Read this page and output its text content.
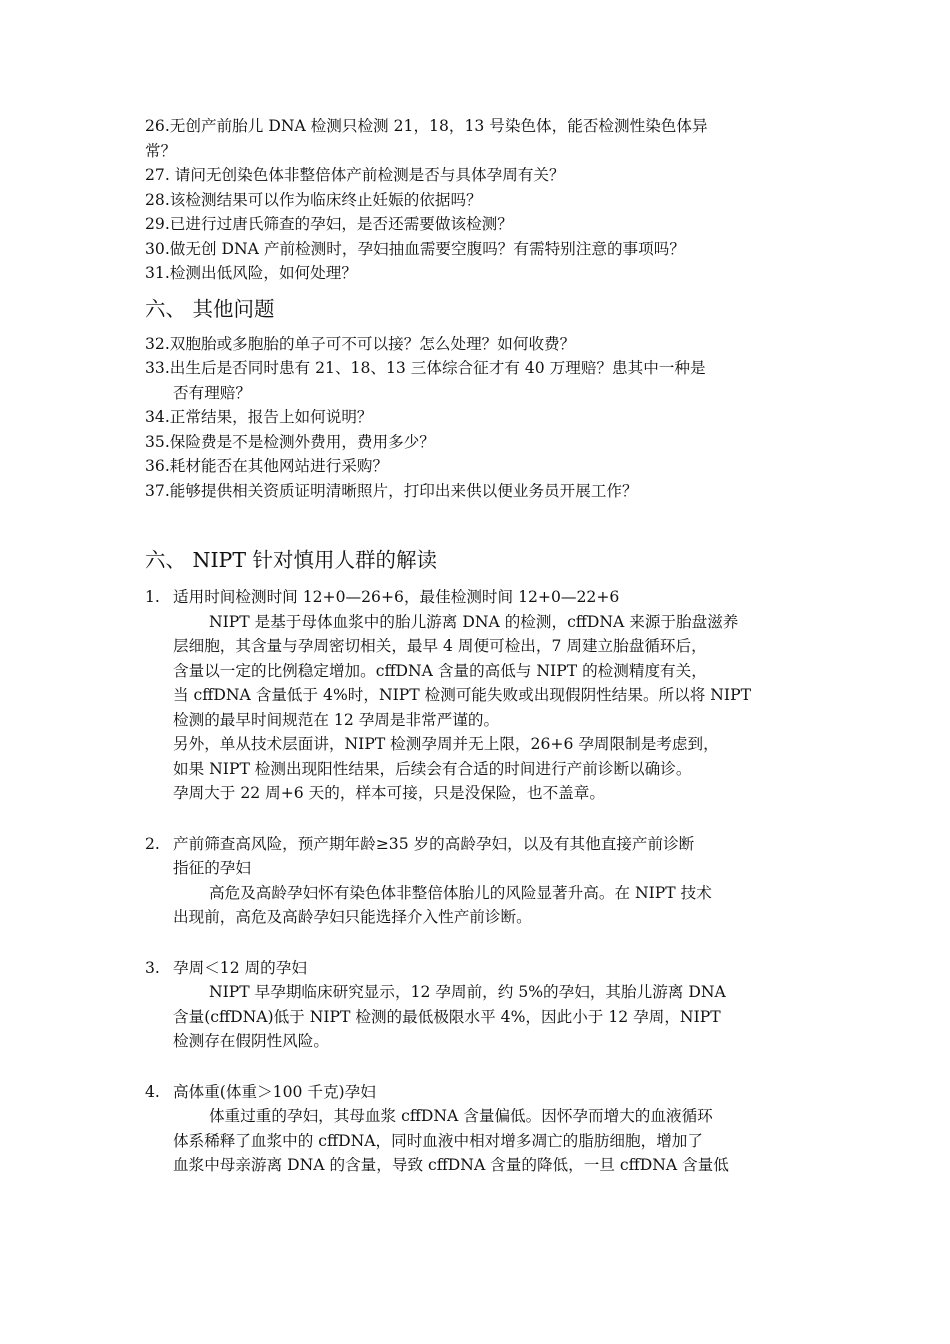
26.无创产前胎儿 DNA 检测只检测 21，18，13 号染色体，能否检测性染色体异
常？
27. 请问无创染色体非整倍体产前检测是否与具体孕周有关？
28.该检测结果可以作为临床终止妊娠的依据吗？
29.已进行过唐氏筛查的孕妇，是否还需要做该检测？
30.做无创 DNA 产前检测时，孕妇抽血需要空腹吗？有需特别注意的事项吗？
31.检测出低风险，如何处理？
六、 其他问题
32.双胞胎或多胞胎的单子可不可以接？怎么处理？如何收费？
33.出生后是否同时患有 21、18、13 三体综合征才有 40 万理赔？患其中一种是
否有理赔？
34.正常结果，报告上如何说明？
35.保险费是不是检测外费用，费用多少？
36.耗材能否在其他网站进行采购？
37.能够提供相关资质证明清晰照片，打印出来供以便业务员开展工作？
六、 NIPT 针对慎用人群的解读
1. 适用时间检测时间 12+0—26+6，最佳检测时间 12+0—22+6
NIPT 是基于母体血浆中的胎儿游离 DNA 的检测，cffDNA 来源于胎盘滋养
层细胞，其含量与孕周密切相关，最早 4 周便可检出，7 周建立胎盘循环后，
含量以一定的比例稳定增加。cffDNA 含量的高低与 NIPT 的检测精度有关，
当 cffDNA 含量低于 4%时，NIPT 检测可能失败或出现假阴性结果。所以将 NIPT
检测的最早时间规范在 12 孕周是非常严谨的。
另外，单从技术层面讲，NIPT 检测孕周并无上限，26+6 孕周限制是考虑到，
如果 NIPT 检测出现阳性结果，后续会有合适的时间进行产前诊断以确诊。
孕周大于 22 周+6 天的，样本可接，只是没保险，也不盖章。
2. 产前筛查高风险，预产期年龄≥35 岁的高龄孕妇，以及有其他直接产前诊断
指征的孕妇
高危及高龄孕妇怀有染色体非整倍体胎儿的风险显著升高。在 NIPT 技术
出现前，高危及高龄孕妇只能选择介入性产前诊断。
3. 孕周＜12 周的孕妇
NIPT 早孕期临床研究显示，12 孕周前，约 5%的孕妇，其胎儿游离 DNA
含量(cffDNA)低于 NIPT 检测的最低极限水平 4%，因此小于 12 孕周，NIPT
检测存在假阴性风险。
4. 高体重(体重＞100 千克)孕妇
体重过重的孕妇，其母血浆 cffDNA 含量偏低。因怀孕而增大的血液循环
体系稀释了血浆中的 cffDNA，同时血液中相对增多凋亡的脂肪细胞，增加了
血浆中母亲游离 DNA 的含量，导致 cffDNA 含量的降低，一旦 cffDNA 含量低
